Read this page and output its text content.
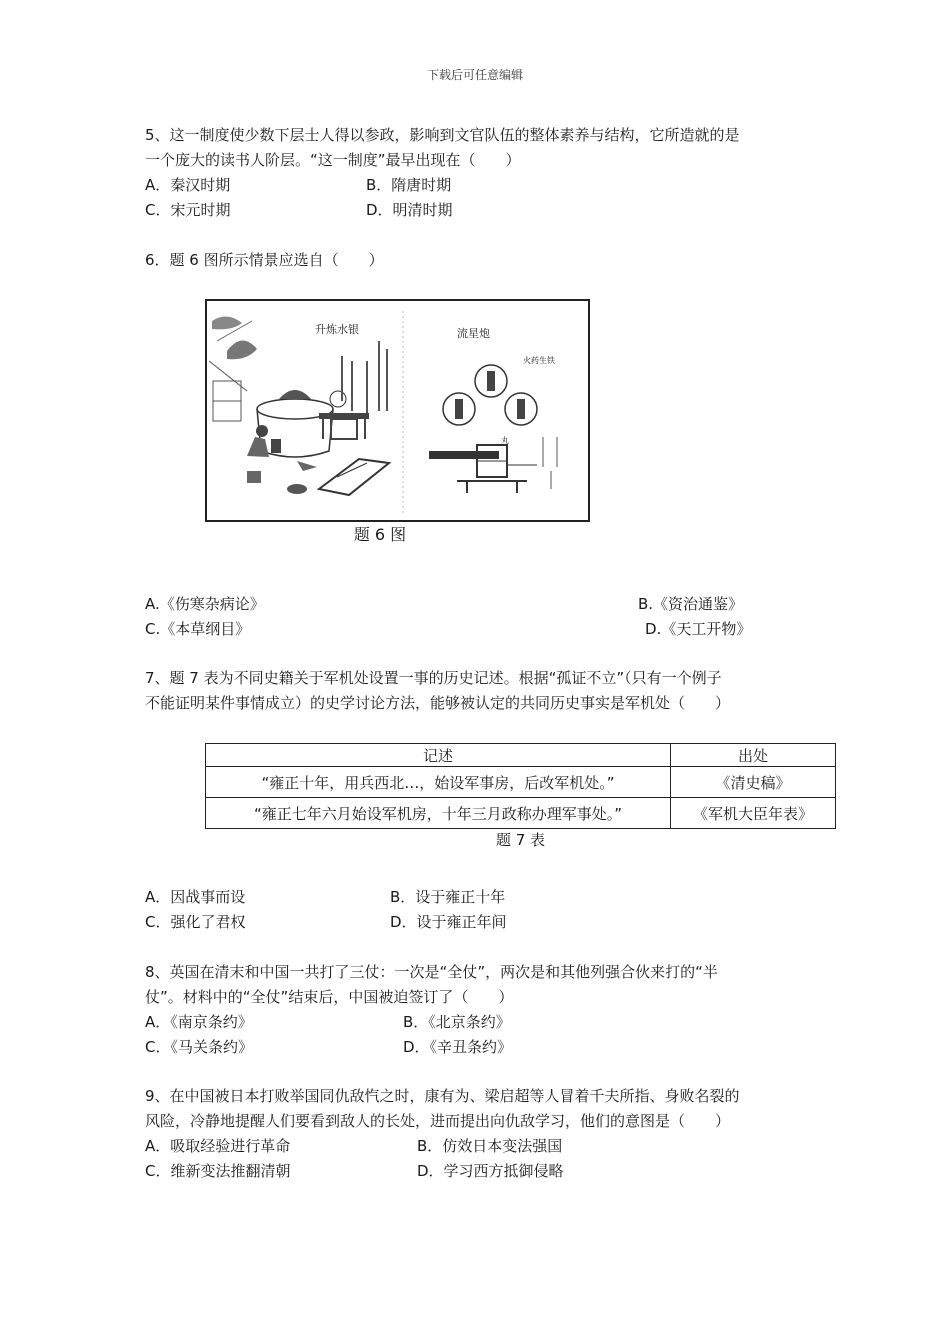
下载后可任意编辑
5、这一制度使少数下层士人得以参政，影响到文官队伍的整体素养与结构，它所造就的是
一个庞大的读书人阶层。“这一制度”最早出现在（　　）
A．秦汉时期	B．隋唐时期
C．宋元时期	D．明清时期
6．题 6 图所示情景应选自（　　）
升炼水银	流星炮
火药生铁
丸
题 6 图
A.《伤寒杂病论》	B.《资治通鉴》
C.《本草纲目》	D.《天工开物》
7、题 7 表为不同史籍关于军机处设置一事的历史记述。根据“孤证不立”（只有一个例子
不能证明某件事情成立）的史学讨论方法，能够被认定的共同历史事实是军机处（　　）
记述	出处
“雍正十年，用兵西北…，始设军事房，后改军机处。”	《清史稿》
“雍正七年六月始设军机房，十年三月政称办理军事处。”	《军机大臣年表》
题 7 表
A．因战事而设	B．设于雍正十年
C．强化了君权	D．设于雍正年间
8、英国在清末和中国一共打了三仗：一次是“全仗”，两次是和其他列强合伙来打的“半
仗”。材料中的“全仗”结束后，中国被迫签订了（　　）
A．《南京条约》	B．《北京条约》
C．《马关条约》	D．《辛丑条约》
9、在中国被日本打败举国同仇敌忾之时，康有为、梁启超等人冒着千夫所指、身败名裂的
风险，冷静地提醒人们要看到敌人的长处，进而提出向仇敌学习，他们的意图是（　　）
A．吸取经验进行革命	B．仿效日本变法强国
C．维新变法推翻清朝	D．学习西方抵御侵略
